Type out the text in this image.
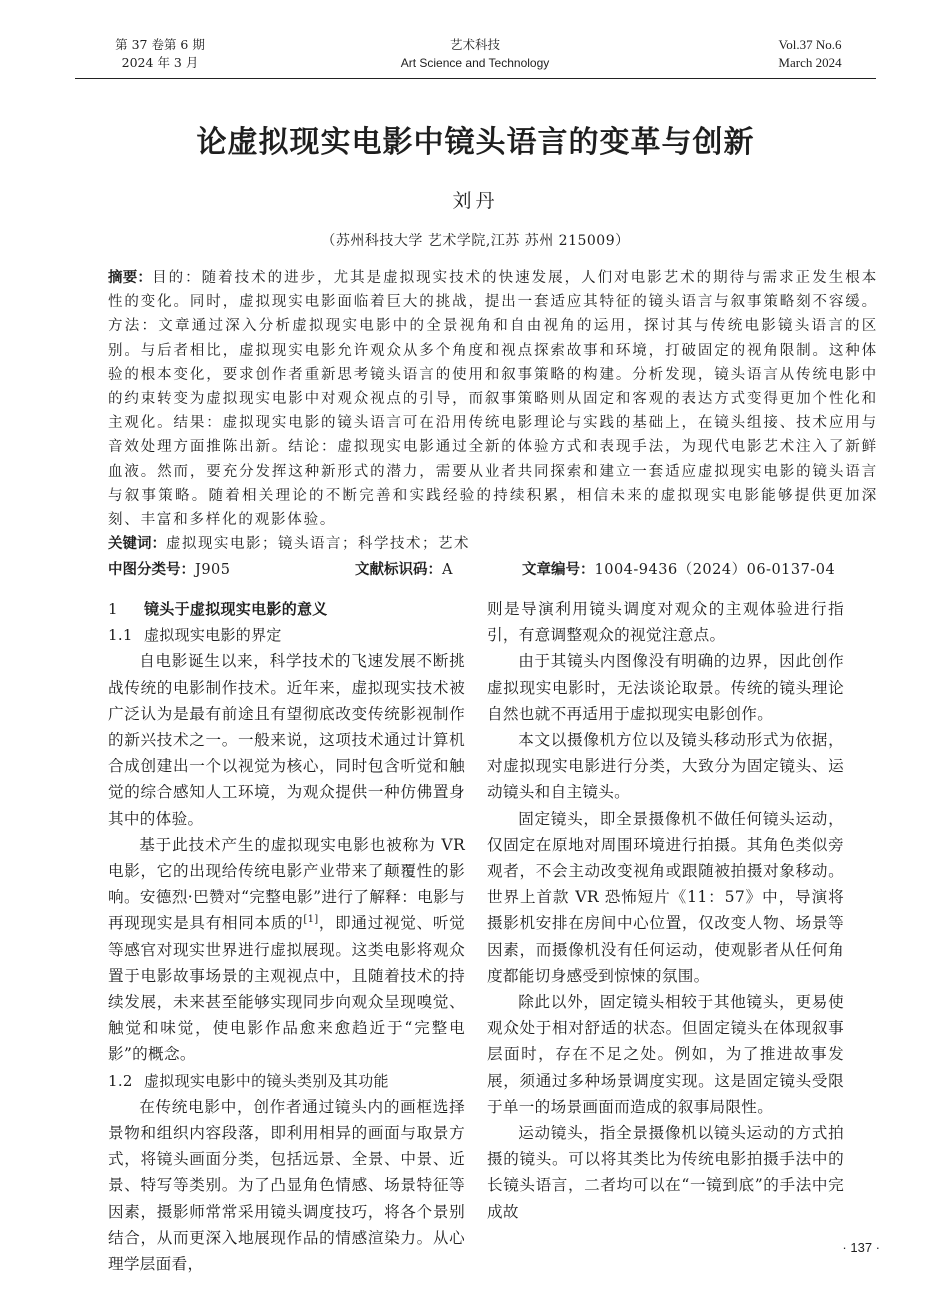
第 37 卷第 6 期
2024 年 3 月
艺术科技
Art Science and Technology
Vol.37 No.6
March 2024
论虚拟现实电影中镜头语言的变革与创新
刘丹
（苏州科技大学 艺术学院,江苏 苏州 215009）
摘要：目的：随着技术的进步，尤其是虚拟现实技术的快速发展，人们对电影艺术的期待与需求正发生根本性的变化。同时，虚拟现实电影面临着巨大的挑战，提出一套适应其特征的镜头语言与叙事策略刻不容缓。方法：文章通过深入分析虚拟现实电影中的全景视角和自由视角的运用，探讨其与传统电影镜头语言的区别。与后者相比，虚拟现实电影允许观众从多个角度和视点探索故事和环境，打破固定的视角限制。这种体验的根本变化，要求创作者重新思考镜头语言的使用和叙事策略的构建。分析发现，镜头语言从传统电影中的约束转变为虚拟现实电影中对观众视点的引导，而叙事策略则从固定和客观的表达方式变得更加个性化和主观化。结果：虚拟现实电影的镜头语言可在沿用传统电影理论与实践的基础上，在镜头组接、技术应用与音效处理方面推陈出新。结论：虚拟现实电影通过全新的体验方式和表现手法，为现代电影艺术注入了新鲜血液。然而，要充分发挥这种新形式的潜力，需要从业者共同探索和建立一套适应虚拟现实电影的镜头语言与叙事策略。随着相关理论的不断完善和实践经验的持续积累，相信未来的虚拟现实电影能够提供更加深刻、丰富和多样化的观影体验。
关键词：虚拟现实电影；镜头语言；科学技术；艺术
中图分类号：J905	文献标识码：A	文章编号：1004-9436（2024）06-0137-04

1 镜头于虚拟现实电影的意义

1.1 虚拟现实电影的界定

自电影诞生以来，科学技术的飞速发展不断挑战传统的电影制作技术。近年来，虚拟现实技术被广泛认为是最有前途且有望彻底改变传统影视制作的新兴技术之一。一般来说，这项技术通过计算机合成创建出一个以视觉为核心，同时包含听觉和触觉的综合感知人工环境，为观众提供一种仿佛置身其中的体验。

基于此技术产生的虚拟现实电影也被称为 VR 电影，它的出现给传统电影产业带来了颠覆性的影响。安德烈·巴赞对“完整电影”进行了解释：电影与再现现实是具有相同本质的[1]，即通过视觉、听觉等感官对现实世界进行虚拟展现。这类电影将观众置于电影故事场景的主观视点中，且随着技术的持续发展，未来甚至能够实现同步向观众呈现嗅觉、触觉和味觉，使电影作品愈来愈趋近于“完整电影”的概念。

1.2 虚拟现实电影中的镜头类别及其功能

在传统电影中，创作者通过镜头内的画框选择景物和组织内容段落，即利用相异的画面与取景方式，将镜头画面分类，包括远景、全景、中景、近景、特写等类别。为了凸显角色情感、场景特征等因素，摄影师常常采用镜头调度技巧，将各个景别结合，从而更深入地展现作品的情感渲染力。从心理学层面看，

则是导演利用镜头调度对观众的主观体验进行指引，有意调整观众的视觉注意点。

由于其镜头内图像没有明确的边界，因此创作虚拟现实电影时，无法谈论取景。传统的镜头理论自然也就不再适用于虚拟现实电影创作。

本文以摄像机方位以及镜头移动形式为依据，对虚拟现实电影进行分类，大致分为固定镜头、运动镜头和自主镜头。

固定镜头，即全景摄像机不做任何镜头运动，仅固定在原地对周围环境进行拍摄。其角色类似旁观者，不会主动改变视角或跟随被拍摄对象移动。世界上首款 VR 恐怖短片《11：57》中，导演将摄影机安排在房间中心位置，仅改变人物、场景等因素，而摄像机没有任何运动，使观影者从任何角度都能切身感受到惊悚的氛围。

除此以外，固定镜头相较于其他镜头，更易使观众处于相对舒适的状态。但固定镜头在体现叙事层面时，存在不足之处。例如，为了推进故事发展，须通过多种场景调度实现。这是固定镜头受限于单一的场景画面而造成的叙事局限性。

运动镜头，指全景摄像机以镜头运动的方式拍摄的镜头。可以将其类比为传统电影拍摄手法中的长镜头语言，二者均可以在“一镜到底”的手法中完成故

· 137 ·
